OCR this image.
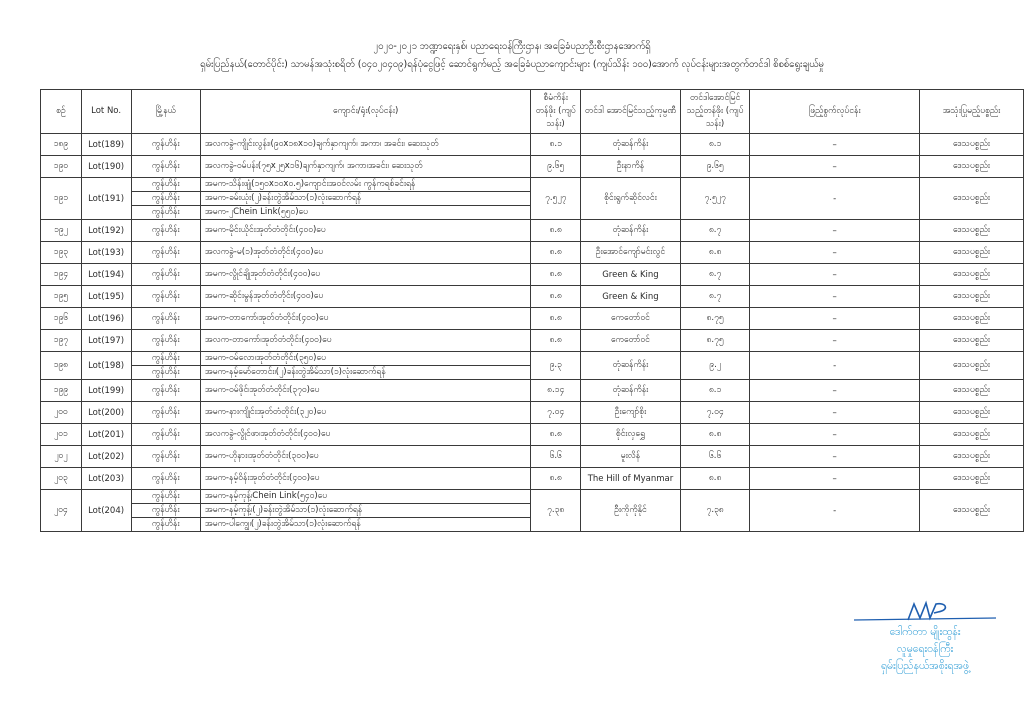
၂၀၂၀-၂၀၂၁ ဘဏ္ဍာရေးနှစ်၊ ပညာရေးဝန်ကြီးဌာန၊ အခြေခံပညာဦးစီးဌာနအောက်ရှိ
ရှမ်းပြည်နယ်(တောင်ပိုင်း) သာမန်အသုံးစရိတ် (၀၄၀၂၀၄၀၉)ရန်ပုံငွေဖြင့် ဆောင်ရွက်မည့် အခြေခံပညာကျောင်းများ (ကျပ်သိန်း ၁၀၀)အောက် လုပ်ငန်းများအတွက်တင်ဒါ စိစစ်ရွေးချယ်မှု
စဉ်	Lot No.	မြို့နယ်	ကျောင်း/ရုံး(လုပ်ငန်း)	စီမံကိန်း တန်ဖိုး (ကျပ်သန်း)	တင်ဒါ အောင်မြင်သည့်ကုမ္ပဏီ	တင်ဒါအောင်မြင် သည့်တန်ဖိုး (ကျပ်သန်း)	ဖြည့်စွက်လုပ်ငန်း	အသုံးပြုမည့်ပစ္စည်း
၁၈၉	Lot(189)	ကွန်ဟိန်း	အလကခွဲ-ကျိုင်းလွန်း၊(၉၀x၁၈x၁၀)ချက်နှာကျက်၊ အကာ၊ အခင်း၊ ဆေးသုတ်	၈.၁	တုံဆန်ကိန်း	၈.၁	–	ဒေသပစ္စည်း
၁၉၀	Lot(190)	ကွန်ဟိန်း	အလကခွဲ-ဝမ်ပန်း(၇၅x၂၅x၁၆)ချက်နှာကျက်၊ အကာ၊အခင်း၊ ဆေးသုတ်	၉.၆၅	ဦးနာကိန်	၉.၆၅	–	ဒေသပစ္စည်း
၁၉၁	Lot(191)	ကွန်ဟိန်း	အမက-သိန်းဖျုံ(၁၅၀x၁၀x၀.၅)ကျောင်းအဝင်လမ်း ကွန်ကရစ်ခင်းရန်	၇.၅၂၇	စိုင်းရွက်ဆိုင်လင်း	၇.၅၂၇	-	ဒေသပစ္စည်း
		ကွန်ဟိန်း	အမက-ခမ်းယုံး(၂)ခန်းတွဲအိမ်သာ(၁)လုံးဆောက်ရန်					
		ကွန်ဟိန်း	အမက-၂Chein Link(၅၅၀)ပေ					
၁၉၂	Lot(192)	ကွန်ဟိန်း	အမက-မိုင်းယိုင်းအုတ်တံတိုင်း(၄၀၀)ပေ	၈.၈	တုံဆန်ကိန်း	၈.၇	–	ဒေသပစ္စည်း
၁၉၃	Lot(193)	ကွန်ဟိန်း	အလကခွဲ-မ(၁)အုတ်တံတိုင်း(၄၀၀)ပေ	၈.၈	ဦးအောင်ကျော်မင်းလွင်	၈.၈	–	ဒေသပစ္စည်း
၁၉၄	Lot(194)	ကွန်ဟိန်း	အမက-လွိုင်ချိုအုတ်တံတိုင်း(၄၀၀)ပေ	၈.၈	Green & King	၈.၇	–	ဒေသပစ္စည်း
၁၉၅	Lot(195)	ကွန်ဟိန်း	အမက-ဆိုင်းမွန်အုတ်တံတိုင်း(၄၀၀)ပေ	၈.၈	Green & King	၈.၇	–	ဒေသပစ္စည်း
၁၉၆	Lot(196)	ကွန်ဟိန်း	အမက-တာကော်၊အုတ်တံတိုင်း(၄၀၀)ပေ	၈.၈	ကေတော်ဝင်	၈.၇၅	–	ဒေသပစ္စည်း
၁၉၇	Lot(197)	ကွန်ဟိန်း	အလက-တာကော်၊အုတ်တံတိုင်း(၄၀၀)ပေ	၈.၈	ကေတော်ဝင်	၈.၇၅	–	ဒေသပစ္စည်း
၁၉၈	Lot(198)	ကွန်ဟိန်း	အမက-ဝမ်လော၊အုတ်တံတိုင်း(၃၅၀)ပေ	၉.၃	တုံဆန်ကိန်း	၉.၂	-	ဒေသပစ္စည်း
		ကွန်ဟိန်း	အမက-နမ့်မော်တောင်း၊(၂)ခန်းတွဲအိမ်သာ(၁)လုံးဆောက်ရန်					
၁၉၉	Lot(199)	ကွန်ဟိန်း	အမက-ဝမ်ဖိုင်၊အုတ်တံတိုင်း(၃၇၀)ပေ	၈.၁၄	တုံဆန်ကိန်း	၈.၁	–	ဒေသပစ္စည်း
၂၀၀	Lot(200)	ကွန်ဟိန်း	အမက-နားကျိုင်းအုတ်တံတိုင်း(၃၂၀)ပေ	၇.၀၄	ဦးကျော်စိုး	၇.၀၄	–	ဒေသပစ္စည်း
၂၀၁	Lot(201)	ကွန်ဟိန်း	အလကခွဲ-လွိုင်ဖာ၊အုတ်တံတိုင်း(၄၀၀)ပေ	၈.၈	စိုင်းလှရွှေ	၈.၈	–	ဒေသပစ္စည်း
၂၀၂	Lot(202)	ကွန်ဟိန်း	အမက-ဟိုနား၊အုတ်တံတိုင်း(၃၀၀)ပေ	၆.၆	မူးလိန်	၆.၆	–	ဒေသပစ္စည်း
၂၀၃	Lot(203)	ကွန်ဟိန်း	အမက-နမ့်ဝိန်းအုတ်တံတိုင်း(၄၀၀)ပေ	၈.၈	The Hill of Myanmar	၈.၈	–	ဒေသပစ္စည်း
၂၀၄	Lot(204)	ကွန်ဟိန်း	အမက-နမ့်ကုန့်၊Chein Link(၅၄၀)ပေ	၇.၃၈	ဦးကိုကိုနိုင်	၇.၃၈	-	ဒေသပစ္စည်း
		ကွန်ဟိန်း	အမက-နမ့်ကုန့်၊(၂)ခန်းတွဲအိမ်သာ(၁)လုံးဆောက်ရန်					
		ကွန်ဟိန်း	အမက-ပါကျွေ၊(၂)ခန်းတွဲအိမ်သာ(၁)လုံးဆောက်ရန်					
ဒေါက်တာ မျိုးထွန်း
လူမှုရေးဝန်ကြီး
ရှမ်းပြည်နယ်အစိုးရအဖွဲ့
